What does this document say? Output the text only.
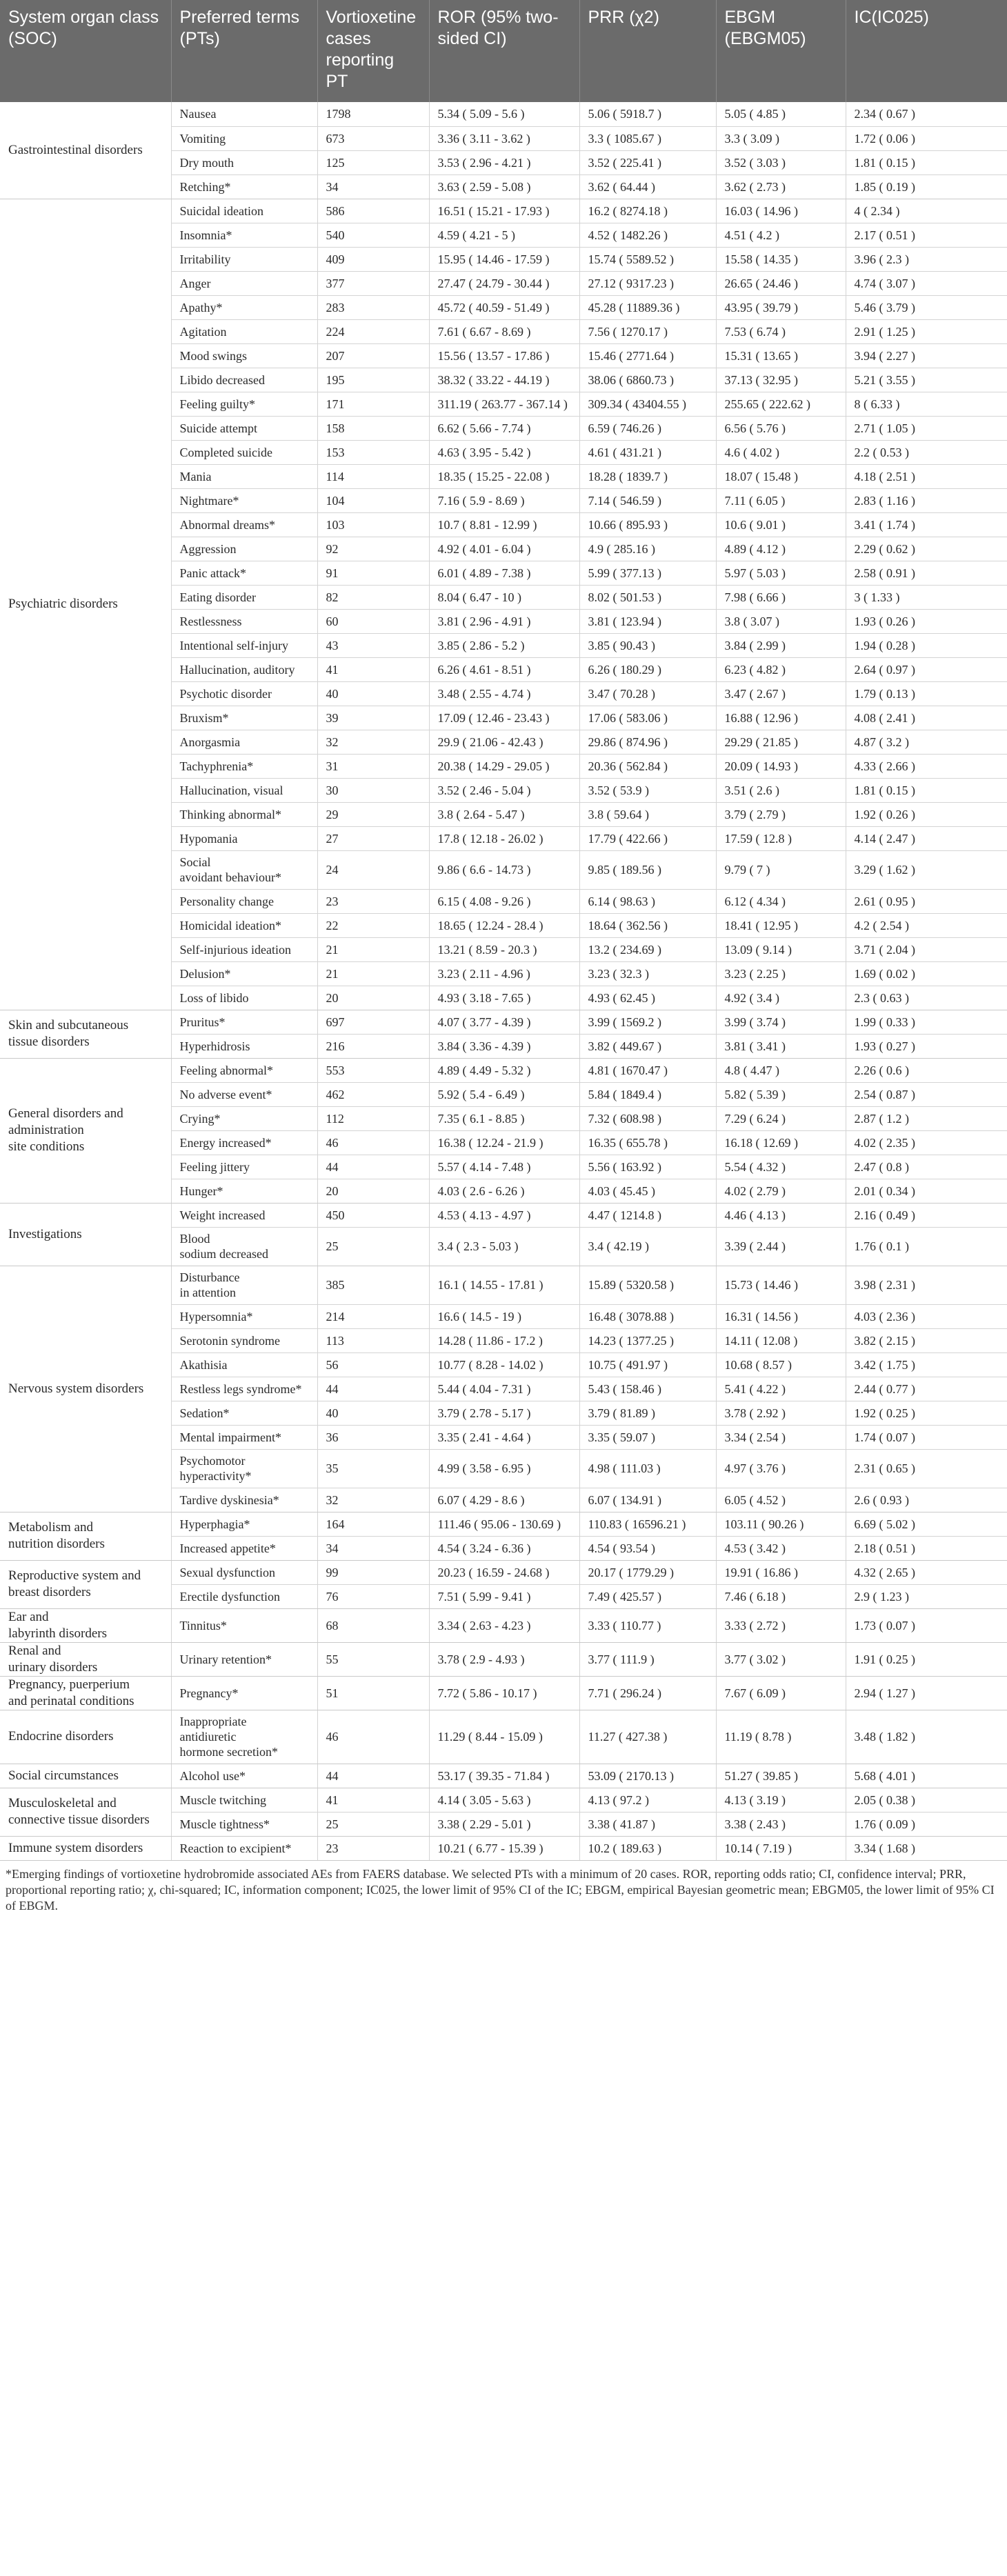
System organ class (SOC)	Preferred terms (PTs)	Vortioxetine cases reporting PT	ROR (95% two-sided CI)	PRR (χ2)	EBGM (EBGM05)	IC(IC025)
Gastrointestinal disorders	Nausea	1798	5.34 ( 5.09 - 5.6 )	5.06 ( 5918.7 )	5.05 ( 4.85 )	2.34 ( 0.67 )
	Vomiting	673	3.36 ( 3.11 - 3.62 )	3.3 ( 1085.67 )	3.3 ( 3.09 )	1.72 ( 0.06 )
	Dry mouth	125	3.53 ( 2.96 - 4.21 )	3.52 ( 225.41 )	3.52 ( 3.03 )	1.81 ( 0.15 )
	Retching*	34	3.63 ( 2.59 - 5.08 )	3.62 ( 64.44 )	3.62 ( 2.73 )	1.85 ( 0.19 )
Psychiatric disorders	Suicidal ideation	586	16.51 ( 15.21 - 17.93 )	16.2 ( 8274.18 )	16.03 ( 14.96 )	4 ( 2.34 )
	Insomnia*	540	4.59 ( 4.21 - 5 )	4.52 ( 1482.26 )	4.51 ( 4.2 )	2.17 ( 0.51 )
	Irritability	409	15.95 ( 14.46 - 17.59 )	15.74 ( 5589.52 )	15.58 ( 14.35 )	3.96 ( 2.3 )
	Anger	377	27.47 ( 24.79 - 30.44 )	27.12 ( 9317.23 )	26.65 ( 24.46 )	4.74 ( 3.07 )
	Apathy*	283	45.72 ( 40.59 - 51.49 )	45.28 ( 11889.36 )	43.95 ( 39.79 )	5.46 ( 3.79 )
	Agitation	224	7.61 ( 6.67 - 8.69 )	7.56 ( 1270.17 )	7.53 ( 6.74 )	2.91 ( 1.25 )
	Mood swings	207	15.56 ( 13.57 - 17.86 )	15.46 ( 2771.64 )	15.31 ( 13.65 )	3.94 ( 2.27 )
	Libido decreased	195	38.32 ( 33.22 - 44.19 )	38.06 ( 6860.73 )	37.13 ( 32.95 )	5.21 ( 3.55 )
	Feeling guilty*	171	311.19 ( 263.77 - 367.14 )	309.34 ( 43404.55 )	255.65 ( 222.62 )	8 ( 6.33 )
	Suicide attempt	158	6.62 ( 5.66 - 7.74 )	6.59 ( 746.26 )	6.56 ( 5.76 )	2.71 ( 1.05 )
	Completed suicide	153	4.63 ( 3.95 - 5.42 )	4.61 ( 431.21 )	4.6 ( 4.02 )	2.2 ( 0.53 )
	Mania	114	18.35 ( 15.25 - 22.08 )	18.28 ( 1839.7 )	18.07 ( 15.48 )	4.18 ( 2.51 )
	Nightmare*	104	7.16 ( 5.9 - 8.69 )	7.14 ( 546.59 )	7.11 ( 6.05 )	2.83 ( 1.16 )
	Abnormal dreams*	103	10.7 ( 8.81 - 12.99 )	10.66 ( 895.93 )	10.6 ( 9.01 )	3.41 ( 1.74 )
	Aggression	92	4.92 ( 4.01 - 6.04 )	4.9 ( 285.16 )	4.89 ( 4.12 )	2.29 ( 0.62 )
	Panic attack*	91	6.01 ( 4.89 - 7.38 )	5.99 ( 377.13 )	5.97 ( 5.03 )	2.58 ( 0.91 )
	Eating disorder	82	8.04 ( 6.47 - 10 )	8.02 ( 501.53 )	7.98 ( 6.66 )	3 ( 1.33 )
	Restlessness	60	3.81 ( 2.96 - 4.91 )	3.81 ( 123.94 )	3.8 ( 3.07 )	1.93 ( 0.26 )
	Intentional self-injury	43	3.85 ( 2.86 - 5.2 )	3.85 ( 90.43 )	3.84 ( 2.99 )	1.94 ( 0.28 )
	Hallucination, auditory	41	6.26 ( 4.61 - 8.51 )	6.26 ( 180.29 )	6.23 ( 4.82 )	2.64 ( 0.97 )
	Psychotic disorder	40	3.48 ( 2.55 - 4.74 )	3.47 ( 70.28 )	3.47 ( 2.67 )	1.79 ( 0.13 )
	Bruxism*	39	17.09 ( 12.46 - 23.43 )	17.06 ( 583.06 )	16.88 ( 12.96 )	4.08 ( 2.41 )
	Anorgasmia	32	29.9 ( 21.06 - 42.43 )	29.86 ( 874.96 )	29.29 ( 21.85 )	4.87 ( 3.2 )
	Tachyphrenia*	31	20.38 ( 14.29 - 29.05 )	20.36 ( 562.84 )	20.09 ( 14.93 )	4.33 ( 2.66 )
	Hallucination, visual	30	3.52 ( 2.46 - 5.04 )	3.52 ( 53.9 )	3.51 ( 2.6 )	1.81 ( 0.15 )
	Thinking abnormal*	29	3.8 ( 2.64 - 5.47 )	3.8 ( 59.64 )	3.79 ( 2.79 )	1.92 ( 0.26 )
	Hypomania	27	17.8 ( 12.18 - 26.02 )	17.79 ( 422.66 )	17.59 ( 12.8 )	4.14 ( 2.47 )
	Social
avoidant behaviour*	24	9.86 ( 6.6 - 14.73 )	9.85 ( 189.56 )	9.79 ( 7 )	3.29 ( 1.62 )
	Personality change	23	6.15 ( 4.08 - 9.26 )	6.14 ( 98.63 )	6.12 ( 4.34 )	2.61 ( 0.95 )
	Homicidal ideation*	22	18.65 ( 12.24 - 28.4 )	18.64 ( 362.56 )	18.41 ( 12.95 )	4.2 ( 2.54 )
	Self-injurious ideation	21	13.21 ( 8.59 - 20.3 )	13.2 ( 234.69 )	13.09 ( 9.14 )	3.71 ( 2.04 )
	Delusion*	21	3.23 ( 2.11 - 4.96 )	3.23 ( 32.3 )	3.23 ( 2.25 )	1.69 ( 0.02 )
	Loss of libido	20	4.93 ( 3.18 - 7.65 )	4.93 ( 62.45 )	4.92 ( 3.4 )	2.3 ( 0.63 )
Skin and subcutaneous
tissue disorders	Pruritus*	697	4.07 ( 3.77 - 4.39 )	3.99 ( 1569.2 )	3.99 ( 3.74 )	1.99 ( 0.33 )
	Hyperhidrosis	216	3.84 ( 3.36 - 4.39 )	3.82 ( 449.67 )	3.81 ( 3.41 )	1.93 ( 0.27 )
General disorders and
administration
site conditions	Feeling abnormal*	553	4.89 ( 4.49 - 5.32 )	4.81 ( 1670.47 )	4.8 ( 4.47 )	2.26 ( 0.6 )
	No adverse event*	462	5.92 ( 5.4 - 6.49 )	5.84 ( 1849.4 )	5.82 ( 5.39 )	2.54 ( 0.87 )
	Crying*	112	7.35 ( 6.1 - 8.85 )	7.32 ( 608.98 )	7.29 ( 6.24 )	2.87 ( 1.2 )
	Energy increased*	46	16.38 ( 12.24 - 21.9 )	16.35 ( 655.78 )	16.18 ( 12.69 )	4.02 ( 2.35 )
	Feeling jittery	44	5.57 ( 4.14 - 7.48 )	5.56 ( 163.92 )	5.54 ( 4.32 )	2.47 ( 0.8 )
	Hunger*	20	4.03 ( 2.6 - 6.26 )	4.03 ( 45.45 )	4.02 ( 2.79 )	2.01 ( 0.34 )
Investigations	Weight increased	450	4.53 ( 4.13 - 4.97 )	4.47 ( 1214.8 )	4.46 ( 4.13 )	2.16 ( 0.49 )
	Blood
sodium decreased	25	3.4 ( 2.3 - 5.03 )	3.4 ( 42.19 )	3.39 ( 2.44 )	1.76 ( 0.1 )
Nervous system disorders	Disturbance
in attention	385	16.1 ( 14.55 - 17.81 )	15.89 ( 5320.58 )	15.73 ( 14.46 )	3.98 ( 2.31 )
	Hypersomnia*	214	16.6 ( 14.5 - 19 )	16.48 ( 3078.88 )	16.31 ( 14.56 )	4.03 ( 2.36 )
	Serotonin syndrome	113	14.28 ( 11.86 - 17.2 )	14.23 ( 1377.25 )	14.11 ( 12.08 )	3.82 ( 2.15 )
	Akathisia	56	10.77 ( 8.28 - 14.02 )	10.75 ( 491.97 )	10.68 ( 8.57 )	3.42 ( 1.75 )
	Restless legs syndrome*	44	5.44 ( 4.04 - 7.31 )	5.43 ( 158.46 )	5.41 ( 4.22 )	2.44 ( 0.77 )
	Sedation*	40	3.79 ( 2.78 - 5.17 )	3.79 ( 81.89 )	3.78 ( 2.92 )	1.92 ( 0.25 )
	Mental impairment*	36	3.35 ( 2.41 - 4.64 )	3.35 ( 59.07 )	3.34 ( 2.54 )	1.74 ( 0.07 )
	Psychomotor
hyperactivity*	35	4.99 ( 3.58 - 6.95 )	4.98 ( 111.03 )	4.97 ( 3.76 )	2.31 ( 0.65 )
	Tardive dyskinesia*	32	6.07 ( 4.29 - 8.6 )	6.07 ( 134.91 )	6.05 ( 4.52 )	2.6 ( 0.93 )
Metabolism and
nutrition disorders	Hyperphagia*	164	111.46 ( 95.06 - 130.69 )	110.83 ( 16596.21 )	103.11 ( 90.26 )	6.69 ( 5.02 )
	Increased appetite*	34	4.54 ( 3.24 - 6.36 )	4.54 ( 93.54 )	4.53 ( 3.42 )	2.18 ( 0.51 )
Reproductive system and
breast disorders	Sexual dysfunction	99	20.23 ( 16.59 - 24.68 )	20.17 ( 1779.29 )	19.91 ( 16.86 )	4.32 ( 2.65 )
	Erectile dysfunction	76	7.51 ( 5.99 - 9.41 )	7.49 ( 425.57 )	7.46 ( 6.18 )	2.9 ( 1.23 )
Ear and
labyrinth disorders	Tinnitus*	68	3.34 ( 2.63 - 4.23 )	3.33 ( 110.77 )	3.33 ( 2.72 )	1.73 ( 0.07 )
Renal and
urinary disorders	Urinary retention*	55	3.78 ( 2.9 - 4.93 )	3.77 ( 111.9 )	3.77 ( 3.02 )	1.91 ( 0.25 )
Pregnancy, puerperium
and perinatal conditions	Pregnancy*	51	7.72 ( 5.86 - 10.17 )	7.71 ( 296.24 )	7.67 ( 6.09 )	2.94 ( 1.27 )
Endocrine disorders	Inappropriate
antidiuretic
hormone secretion*	46	11.29 ( 8.44 - 15.09 )	11.27 ( 427.38 )	11.19 ( 8.78 )	3.48 ( 1.82 )
Social circumstances	Alcohol use*	44	53.17 ( 39.35 - 71.84 )	53.09 ( 2170.13 )	51.27 ( 39.85 )	5.68 ( 4.01 )
Musculoskeletal and
connective tissue disorders	Muscle twitching	41	4.14 ( 3.05 - 5.63 )	4.13 ( 97.2 )	4.13 ( 3.19 )	2.05 ( 0.38 )
	Muscle tightness*	25	3.38 ( 2.29 - 5.01 )	3.38 ( 41.87 )	3.38 ( 2.43 )	1.76 ( 0.09 )
Immune system disorders	Reaction to excipient*	23	10.21 ( 6.77 - 15.39 )	10.2 ( 189.63 )	10.14 ( 7.19 )	3.34 ( 1.68 )
*Emerging findings of vortioxetine hydrobromide associated AEs from FAERS database. We selected PTs with a minimum of 20 cases. ROR, reporting odds ratio; CI, confidence interval; PRR, proportional reporting ratio; χ, chi-squared; IC, information component; IC025, the lower limit of 95% CI of the IC; EBGM, empirical Bayesian geometric mean; EBGM05, the lower limit of 95% CI of EBGM.
